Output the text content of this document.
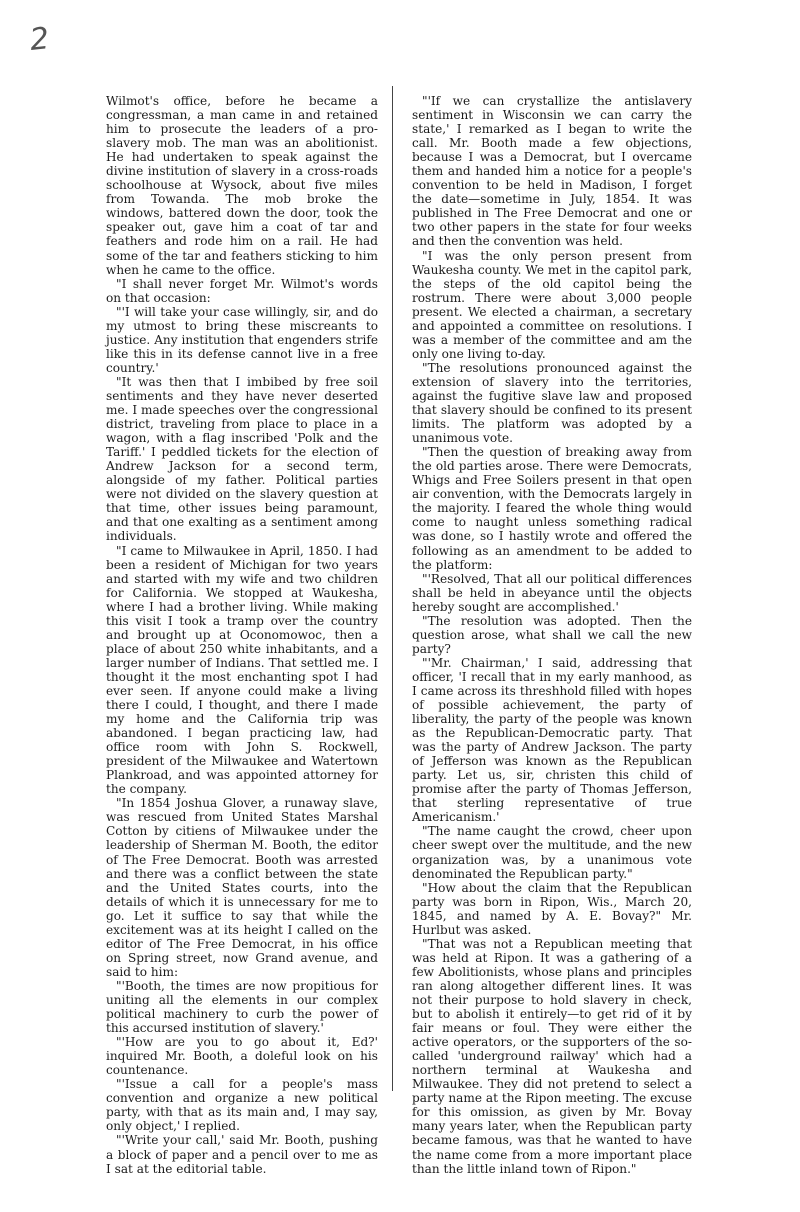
2

Wilmot's office, before he became a congressman, a man came in and retained him to prosecute the leaders of a pro-slavery mob. The man was an abolitionist. He had undertaken to speak against the divine institution of slavery in a cross-roads schoolhouse at Wysock, about five miles from Towanda. The mob broke the windows, battered down the door, took the speaker out, gave him a coat of tar and feathers and rode him on a rail. He had some of the tar and feathers sticking to him when he came to the office.

"I shall never forget Mr. Wilmot's words on that occasion:

"'I will take your case willingly, sir, and do my utmost to bring these miscreants to justice. Any institution that engenders strife like this in its defense cannot live in a free country.'

"It was then that I imbibed by free soil sentiments and they have never deserted me. I made speeches over the congressional district, traveling from place to place in a wagon, with a flag inscribed 'Polk and the Tariff.' I peddled tickets for the election of Andrew Jackson for a second term, alongside of my father. Political parties were not divided on the slavery question at that time, other issues being paramount, and that one exalting as a sentiment among individuals.

"I came to Milwaukee in April, 1850. I had been a resident of Michigan for two years and started with my wife and two children for California. We stopped at Waukesha, where I had a brother living. While making this visit I took a tramp over the country and brought up at Oconomowoc, then a place of about 250 white inhabitants, and a larger number of Indians. That settled me. I thought it the most enchanting spot I had ever seen. If anyone could make a living there I could, I thought, and there I made my home and the California trip was abandoned. I began practicing law, had office room with John S. Rockwell, president of the Milwaukee and Watertown Plankroad, and was appointed attorney for the company.

"In 1854 Joshua Glover, a runaway slave, was rescued from United States Marshal Cotton by citiens of Milwaukee under the leadership of Sherman M. Booth, the editor of The Free Democrat. Booth was arrested and there was a conflict between the state and the United States courts, into the details of which it is unnecessary for me to go. Let it suffice to say that while the excitement was at its height I called on the editor of The Free Democrat, in his office on Spring street, now Grand avenue, and said to him:

"'Booth, the times are now propitious for uniting all the elements in our complex political machinery to curb the power of this accursed institution of slavery.'

"'How are you to go about it, Ed?' inquired Mr. Booth, a doleful look on his countenance.

"'Issue a call for a people's mass convention and organize a new political party, with that as its main and, I may say, only object,' I replied.

"'Write your call,' said Mr. Booth, pushing a block of paper and a pencil over to me as I sat at the editorial table.

"'If we can crystallize the antislavery sentiment in Wisconsin we can carry the state,' I remarked as I began to write the call. Mr. Booth made a few objections, because I was a Democrat, but I overcame them and handed him a notice for a people's convention to be held in Madison, I forget the date—sometime in July, 1854. It was published in The Free Democrat and one or two other papers in the state for four weeks and then the convention was held.

"I was the only person present from Waukesha county. We met in the capitol park, the steps of the old capitol being the rostrum. There were about 3,000 people present. We elected a chairman, a secretary and appointed a committee on resolutions. I was a member of the committee and am the only one living to-day.

"The resolutions pronounced against the extension of slavery into the territories, against the fugitive slave law and proposed that slavery should be confined to its present limits. The platform was adopted by a unanimous vote.

"Then the question of breaking away from the old parties arose. There were Democrats, Whigs and Free Soilers present in that open air convention, with the Democrats largely in the majority. I feared the whole thing would come to naught unless something radical was done, so I hastily wrote and offered the following as an amendment to be added to the platform:

"'Resolved, That all our political differences shall be held in abeyance until the objects hereby sought are accomplished.'

"The resolution was adopted. Then the question arose, what shall we call the new party?

"'Mr. Chairman,' I said, addressing that officer, 'I recall that in my early manhood, as I came across its threshhold filled with hopes of possible achievement, the party of liberality, the party of the people was known as the Republican-Democratic party. That was the party of Andrew Jackson. The party of Jefferson was known as the Republican party. Let us, sir, christen this child of promise after the party of Thomas Jefferson, that sterling representative of true Americanism.'

"The name caught the crowd, cheer upon cheer swept over the multitude, and the new organization was, by a unanimous vote denominated the Republican party."

"How about the claim that the Republican party was born in Ripon, Wis., March 20, 1845, and named by A. E. Bovay?" Mr. Hurlbut was asked.

"That was not a Republican meeting that was held at Ripon. It was a gathering of a few Abolitionists, whose plans and principles ran along altogether different lines. It was not their purpose to hold slavery in check, but to abolish it entirely—to get rid of it by fair means or foul. They were either the active operators, or the supporters of the so-called 'underground railway' which had a northern terminal at Waukesha and Milwaukee. They did not pretend to select a party name at the Ripon meeting. The excuse for this omission, as given by Mr. Bovay many years later, when the Republican party became famous, was that he wanted to have the name come from a more important place than the little inland town of Ripon."
